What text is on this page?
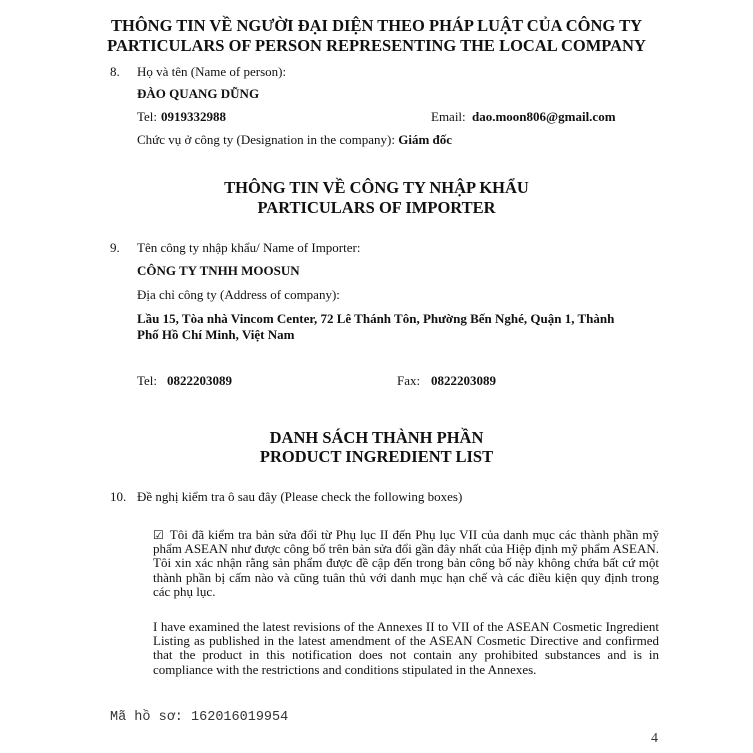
THÔNG TIN VỀ NGƯỜI ĐẠI DIỆN THEO PHÁP LUẬT CỦA CÔNG TY
PARTICULARS OF PERSON REPRESENTING THE LOCAL COMPANY
8. Họ và tên (Name of person):
ĐÀO QUANG DŨNG
Tel: 0919332988	Email: dao.moon806@gmail.com
Chức vụ ở công ty (Designation in the company): Giám đốc
THÔNG TIN VỀ CÔNG TY NHẬP KHẨU
PARTICULARS OF IMPORTER
9. Tên công ty nhập khẩu/ Name of Importer:
CÔNG TY TNHH MOOSUN
Địa chỉ công ty (Address of company):
Lầu 15, Tòa nhà Vincom Center, 72 Lê Thánh Tôn, Phường Bến Nghé, Quận 1, Thành
Phố Hồ Chí Minh, Việt Nam
Tel: 0822203089	Fax: 0822203089
DANH SÁCH THÀNH PHẦN
PRODUCT INGREDIENT LIST
10. Đề nghị kiểm tra ô sau đây (Please check the following boxes)
☑ Tôi đã kiểm tra bản sửa đổi từ Phụ lục II đến Phụ lục VII của danh mục các thành phần mỹ phẩm ASEAN như được công bố trên bản sửa đổi gần đây nhất của Hiệp định mỹ phẩm ASEAN. Tôi xin xác nhận rằng sản phẩm được đề cập đến trong bản công bố này không chứa bất cứ một thành phần bị cấm nào và cũng tuân thủ với danh mục hạn chế và các điều kiện quy định trong các phụ lục.
I have examined the latest revisions of the Annexes II to VII of the ASEAN Cosmetic Ingredient Listing as published in the latest amendment of the ASEAN Cosmetic Directive and confirmed that the product in this notification does not contain any prohibited substances and is in compliance with the restrictions and conditions stipulated in the Annexes.
Mã hồ sơ: 162016019954
4
